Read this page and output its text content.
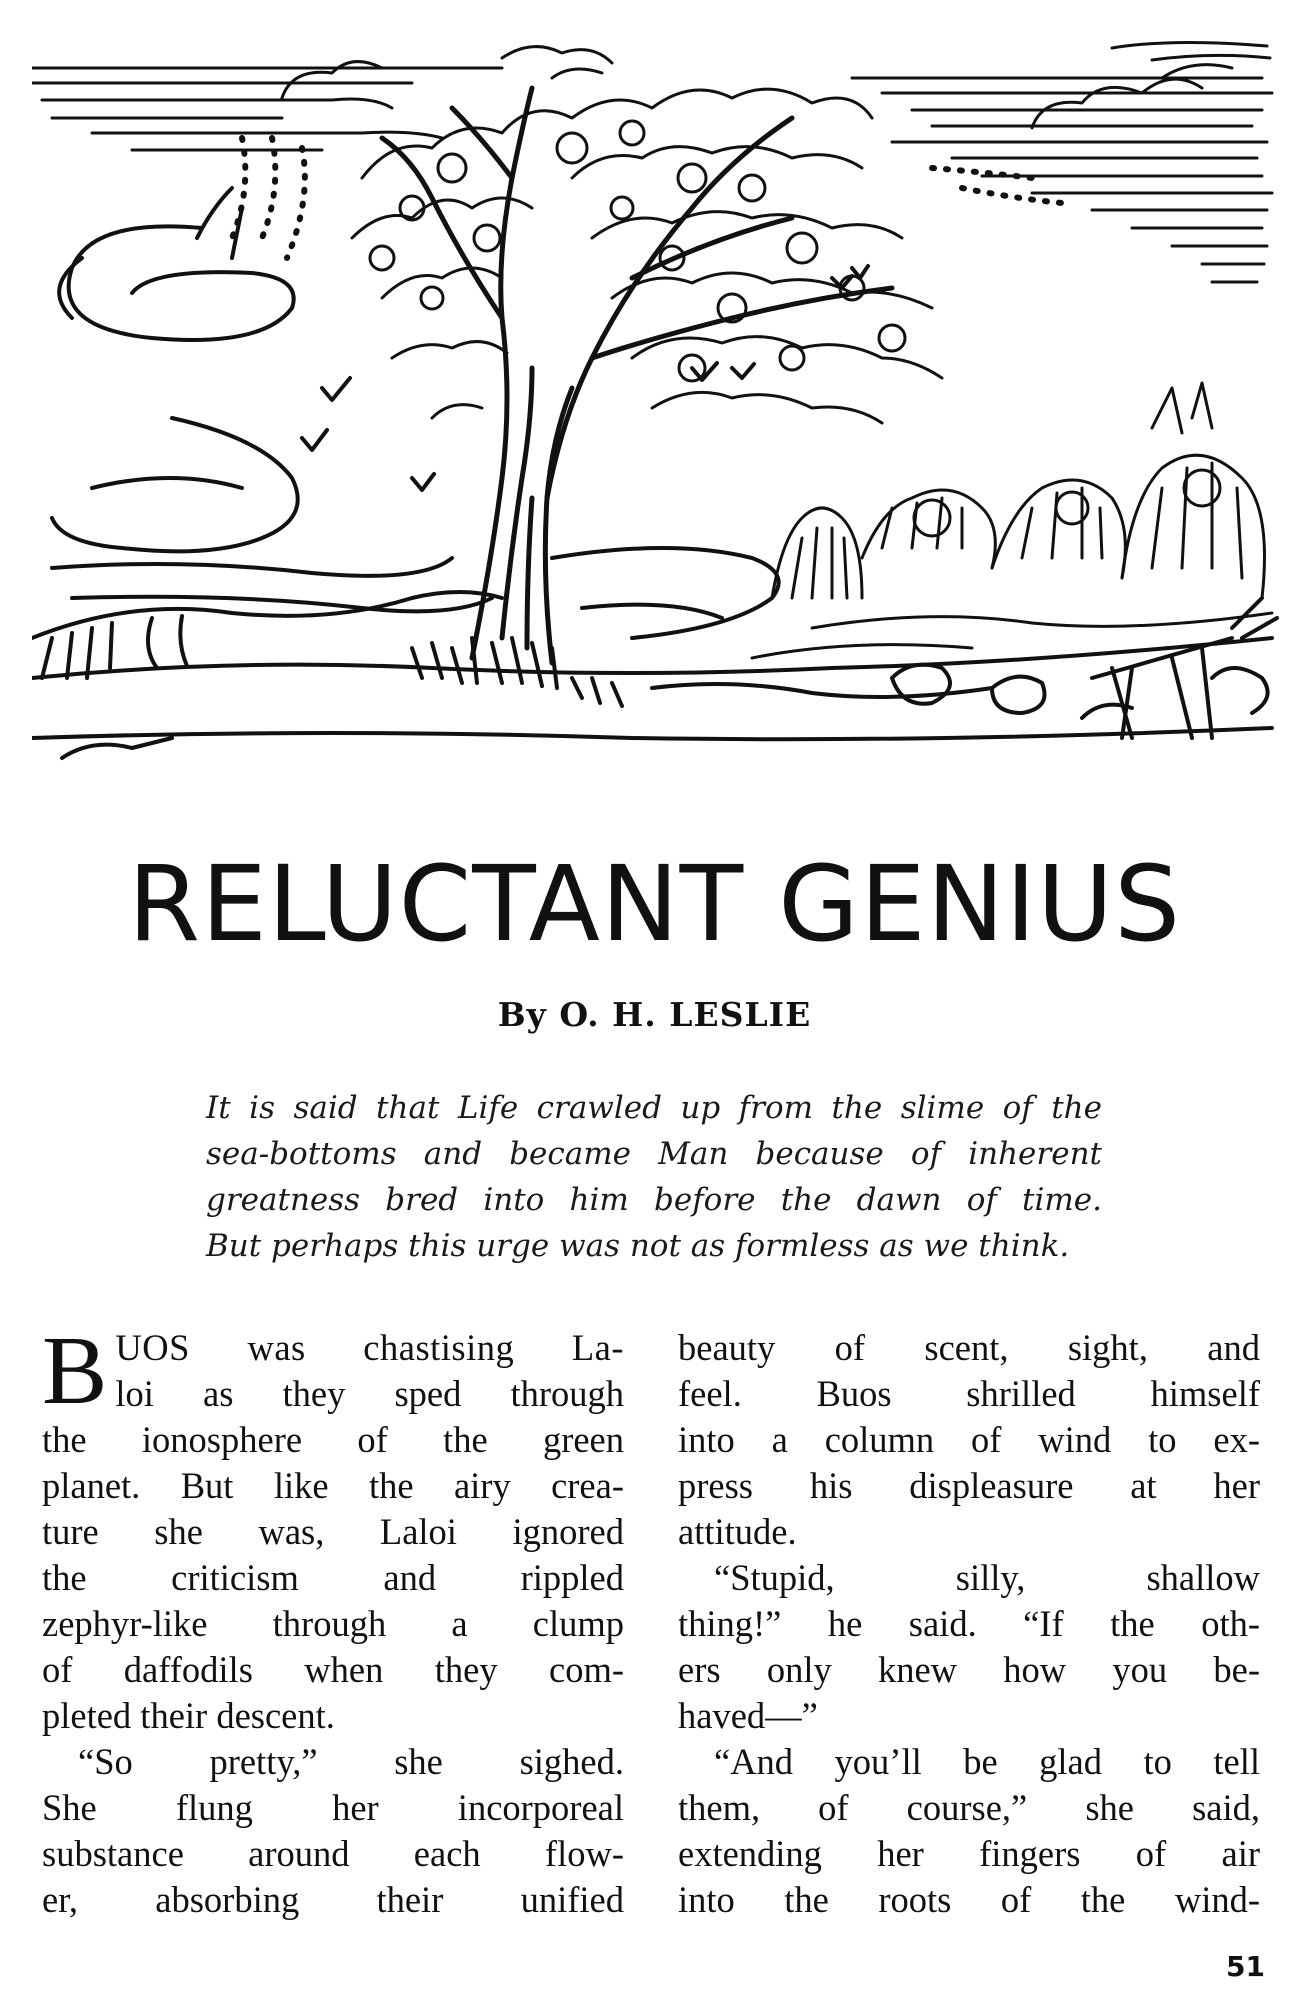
RELUCTANT GENIUS
By O. H. LESLIE
It is said that Life crawled up from the slime of the
sea-bottoms and became Man because of inherent
greatness bred into him before the dawn of time.
But perhaps this urge was not as formless as we think.

B UOS was chastising La-
loi as they sped through
the ionosphere of the green
planet. But like the airy crea-
ture she was, Laloi ignored
the criticism and rippled
zephyr-like through a clump
of daffodils when they com-
pleted their descent.

“So pretty,” she sighed.
She flung her incorporeal
substance around each flow-
er, absorbing their unified

beauty of scent, sight, and
feel. Buos shrilled himself
into a column of wind to ex-
press his displeasure at her
attitude.

“Stupid, silly, shallow
thing!” he said. “If the oth-
ers only knew how you be-
haved—”

“And you’ll be glad to tell
them, of course,” she said,
extending her fingers of air
into the roots of the wind-

51
